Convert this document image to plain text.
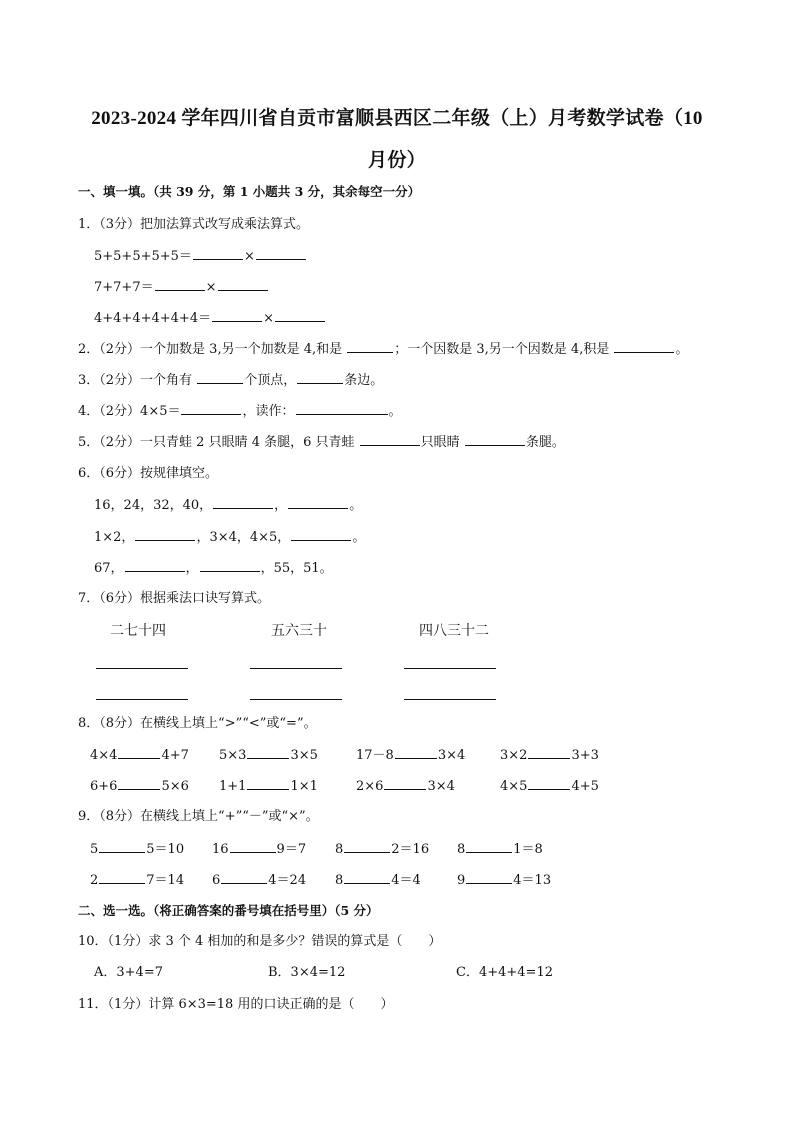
2023-2024 学年四川省自贡市富顺县西区二年级（上）月考数学试卷（10
月份）
一、填一填。（共 39 分，第 1 小题共 3 分，其余每空一分）
1．（3分）把加法算式改写成乘法算式。
5+5+5+5+5＝	×
7+7+7＝	×
4+4+4+4+4+4＝	×
2．（2分）一个加数是 3,另一个加数是 4,和是	；一个因数是 3,另一个因数是 4,积是	。
3．（2分）一个角有	个顶点，	条边。
4．（2分）4×5＝	，读作：	。
5．（2分）一只青蛙 2 只眼睛 4 条腿，6 只青蛙	只眼睛	条腿。
6．（6分）按规律填空。
16，24，32，40，	，	。
1×2，	，3×4，4×5，	。
67，	，	，55，51。
7．（6分）根据乘法口诀写算式。
二七十四	五六三十	四八三十二
8．（8分）在横线上填上“>”“<”或“=”。
4×4	4+7 5×3	3×5	17－8	3×4	3×2	3+3
6+6	5×6 1+1	1×1	2×6	3×4	4×5	4+5
9．（8分）在横线上填上“+”“－”或“×”。
5	5＝10 16	9＝7 8	2＝16 8	1＝8
2	7＝14 6	4＝24 8	4＝4	9	4＝13
二、选一选。（将正确答案的番号填在括号里）（5 分）
10．（1分）求 3 个 4 相加的和是多少？错误的算式是（　　）
A．3+4=7	B．3×4=12	C．4+4+4=12
11．（1分）计算 6×3=18 用的口诀正确的是（　　）
